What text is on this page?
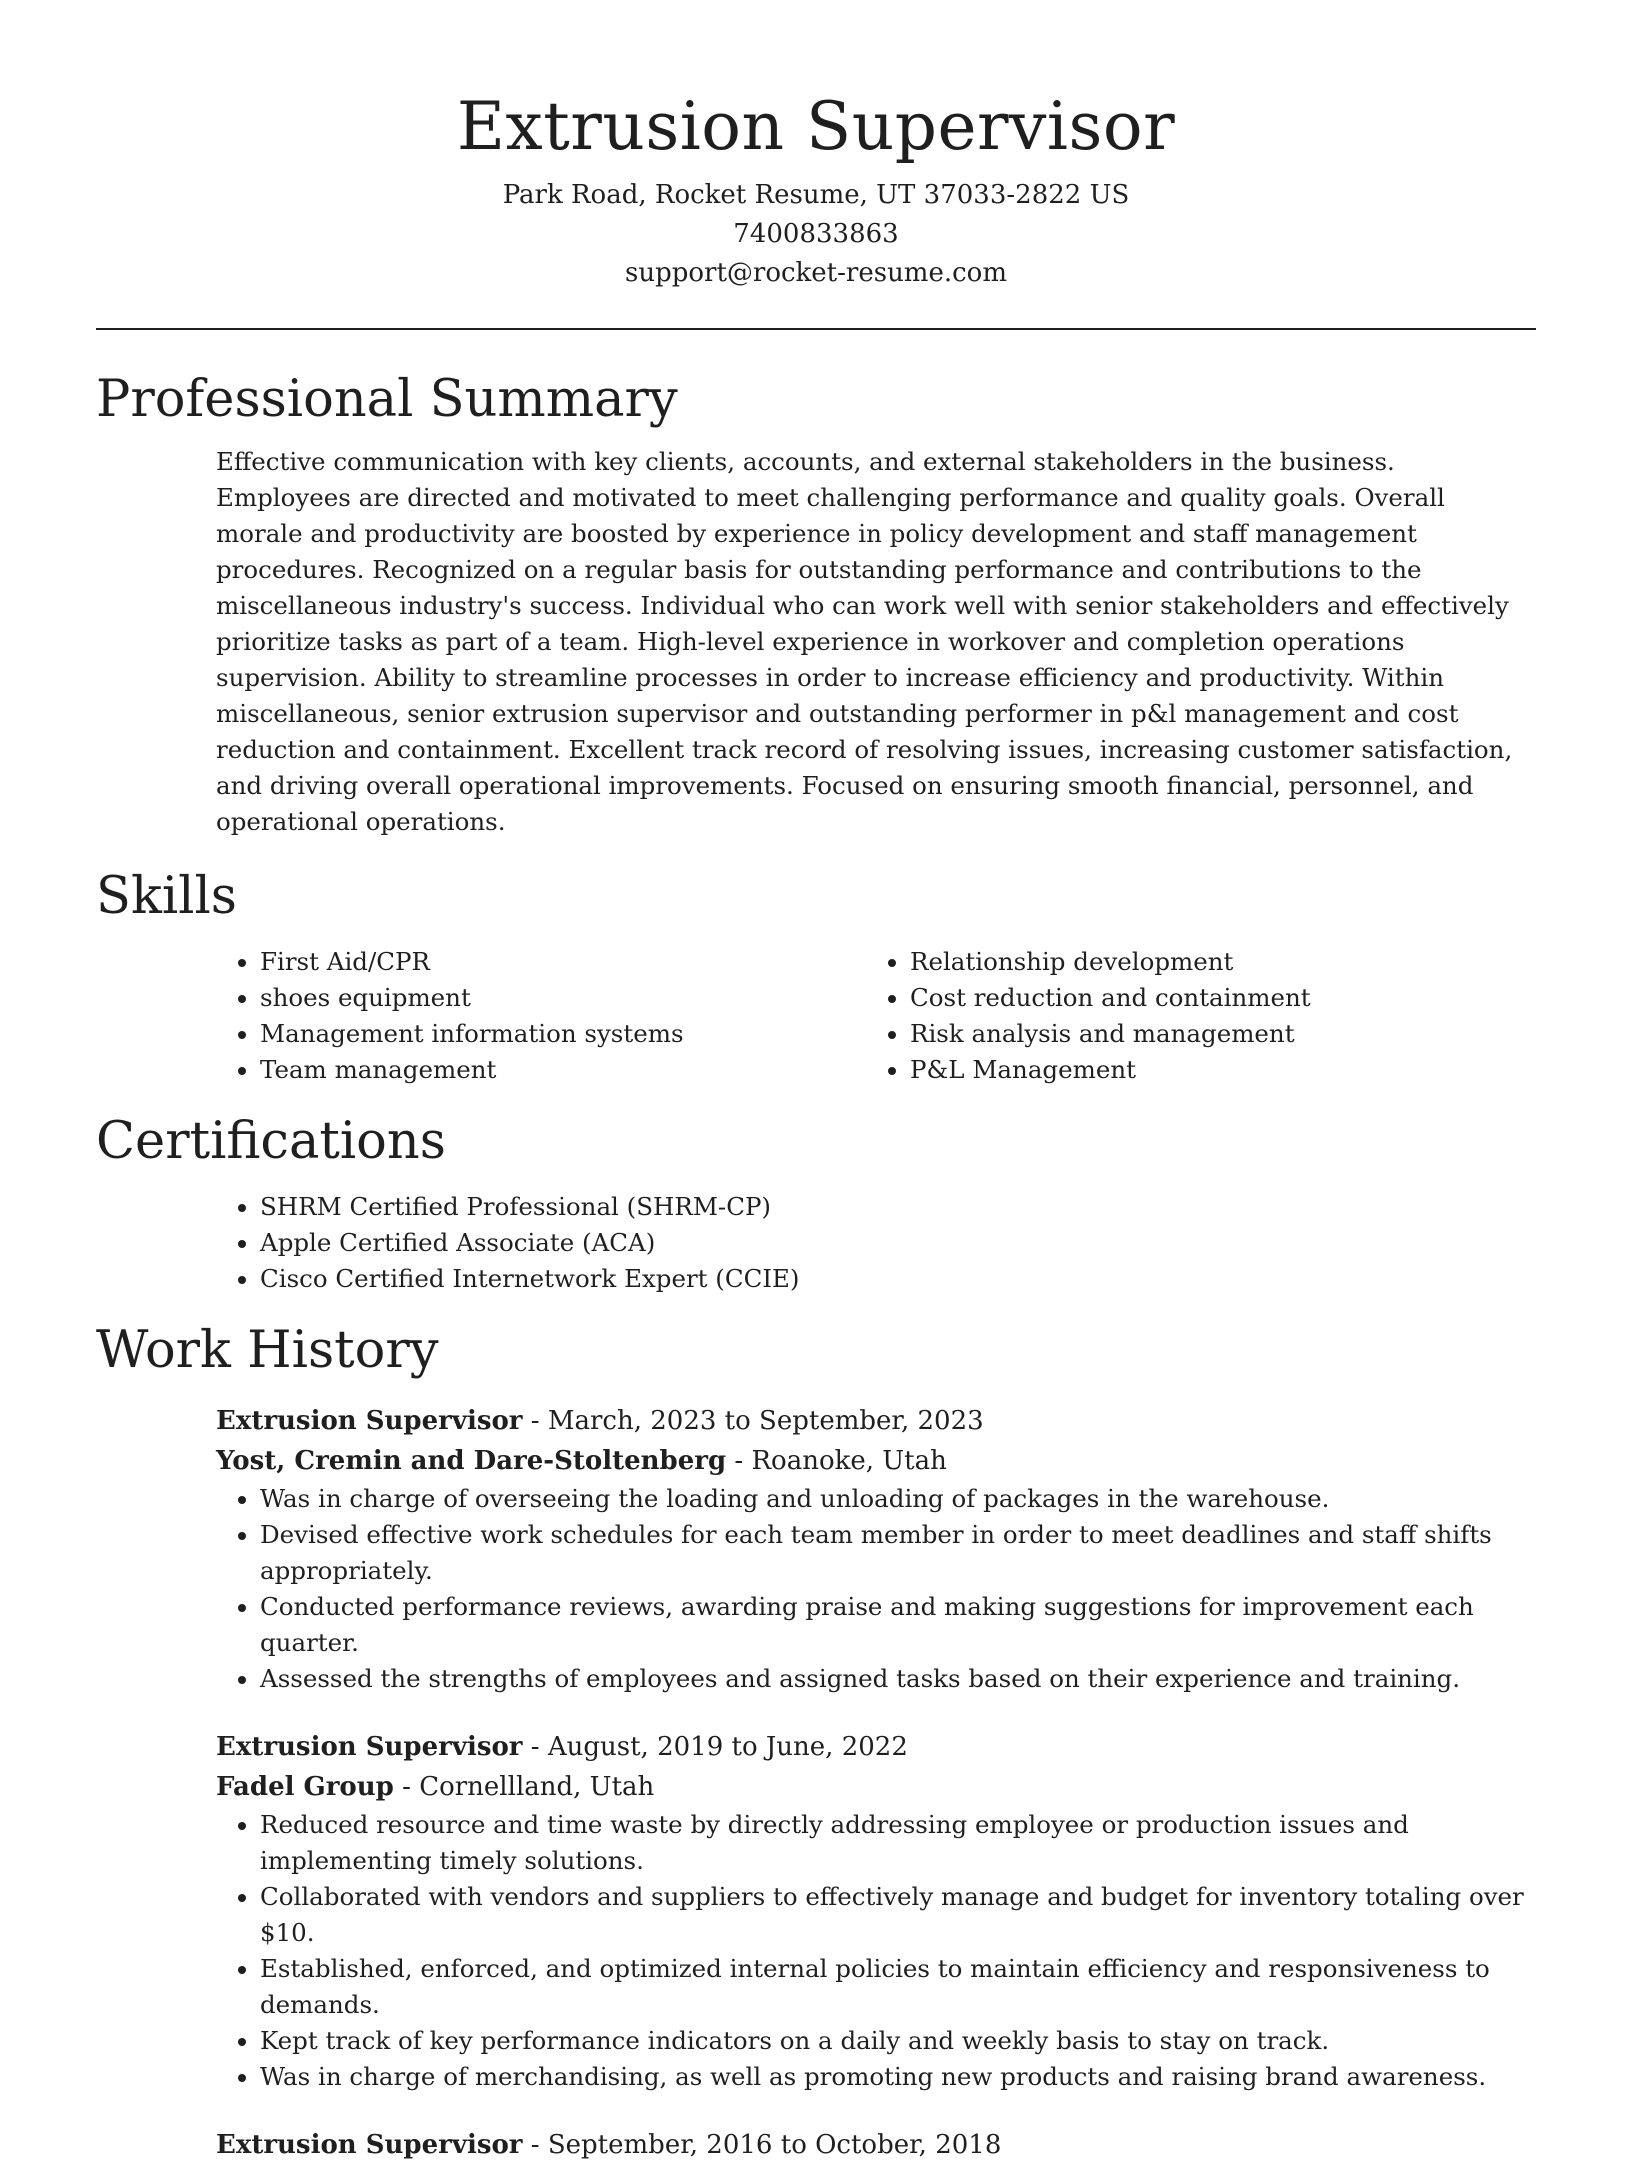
Extrusion Supervisor
Park Road, Rocket Resume, UT 37033-2822 US
7400833863
support@rocket-resume.com
Professional Summary

Effective communication with key clients, accounts, and external stakeholders in the business. Employees are directed and motivated to meet challenging performance and quality goals. Overall morale and productivity are boosted by experience in policy development and staff management procedures. Recognized on a regular basis for outstanding performance and contributions to the miscellaneous industry's success. Individual who can work well with senior stakeholders and effectively prioritize tasks as part of a team. High-level experience in workover and completion operations supervision. Ability to streamline processes in order to increase efficiency and productivity. Within miscellaneous, senior extrusion supervisor and outstanding performer in p&l management and cost reduction and containment. Excellent track record of resolving issues, increasing customer satisfaction, and driving overall operational improvements. Focused on ensuring smooth financial, personnel, and operational operations.

Skills
• First Aid/CPR
• shoes equipment
• Management information systems
• Team management
• Relationship development
• Cost reduction and containment
• Risk analysis and management
• P&L Management
Certifications
• SHRM Certified Professional (SHRM-CP)
• Apple Certified Associate (ACA)
• Cisco Certified Internetwork Expert (CCIE)
Work History
Extrusion Supervisor - March, 2023 to September, 2023
Yost, Cremin and Dare-Stoltenberg - Roanoke, Utah
• Was in charge of overseeing the loading and unloading of packages in the warehouse.
• Devised effective work schedules for each team member in order to meet deadlines and staff shifts appropriately.
• Conducted performance reviews, awarding praise and making suggestions for improvement each quarter.
• Assessed the strengths of employees and assigned tasks based on their experience and training.
Extrusion Supervisor - August, 2019 to June, 2022
Fadel Group - Cornellland, Utah
• Reduced resource and time waste by directly addressing employee or production issues and implementing timely solutions.
• Collaborated with vendors and suppliers to effectively manage and budget for inventory totaling over $10.
• Established, enforced, and optimized internal policies to maintain efficiency and responsiveness to demands.
• Kept track of key performance indicators on a daily and weekly basis to stay on track.
• Was in charge of merchandising, as well as promoting new products and raising brand awareness.
Extrusion Supervisor - September, 2016 to October, 2018
